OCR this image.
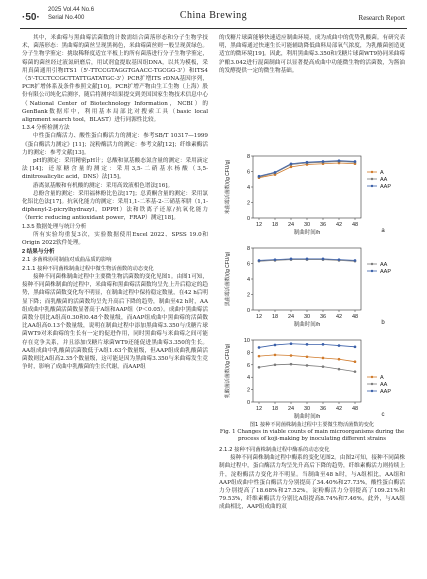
·50·
2025 Vol.44 No.6
Serial No.400	China Brewing	Research Report

其中，米曲霉与黑曲霉活菌数的计数需结合菌落形态和分子生物学技术，菌落形态：黑曲霉的菌丝呈现黑褐色，米曲霉菌丝则一般呈现黄绿色。分子生物学鉴定：挑取稀释度适宜平板上的所有菌落进行分子生物学鉴定，霉菌的菌丝经过液氮研磨后，用试剂盒提取基因组DNA，以其为模板，采用真菌通用引物ITS1（5'-TTCCGTAGGTGAACC-TGCGG-3'）和ITS4（5'-TCCTCCGCTTATTGATATGC-3'）PCR扩增ITS rDNA基因序列，PCR扩增体系及条件参照文献[10]。PCR扩增产物由生工生物（上海）股份有限公司纯化后测序，随后将测序结果提交到美国国家生物技术信息中心（National Center of Biotechnology Information，NCBI）的GenBank数据库中，利用基本局部比对搜索工具（basic local alignment search tool，BLAST）进行同源性比较。

1.3.4 分析检测方法

中性蛋白酶活力、酸性蛋白酶活力的测定：参考SB/T 10317—1999《蛋白酶活力测定》[11]；淀粉酶活力的测定：参考文献[12]；纤维素酶活力的测定：参考文献[13]。

pH的测定：采用精密pH计；总酸和氨基酸态氮含量的测定：采用滴定法[14]；还原糖含量的测定：采用3,5-二硝基水杨酸（3,5-dinitrosalicylic acid，DNS）法[15]。

游离氨基酸和有机酸的测定：采用高效液相色谱法[16]。

总酚含量的测定：采用福林酚比色法[17]；总黄酮含量的测定：采用氯化铝比色法[17]。抗氧化能力的测定：采用1,1-二苯基-2-三硝基苯肼（1,1-diphenyl-2-picrylhydrazyl，DPPH）法和铁离子还原/抗氧化能力（ferric reducing antioxidant power，FRAP）测定[18]。

1.3.5 数据处理与统计分析

所有实验均重复3次，实验数据使用Excel 2022、SPSS 19.0和Origin 2022软件处理。

2 结果与分析

2.1 多菌株协同制曲对成曲品质的影响

2.1.1 接种不同菌株制曲过程中微生物活菌数的动态变化

接种不同菌株制曲过程中主要微生物活菌数的变化见图1。由图1可知，接种不同菌株制曲的过程中，米曲霉和黑曲霉活菌数均呈先上升后稳定的趋势，黑曲霉活菌数变化均不明显，在制曲过程中保持稳定数量，在42 h后明显下降；而乳酸菌的活菌数均呈先升高后下降的趋势，制曲至42 h时，AA组成曲中乳酸菌活菌数显著高于A组和AAP组（P＜0.05）。成曲中黑曲霉活菌数分别比A组高0.30和0.48个数量级，而AAP组成曲中黑曲霉的活菌数比AA组高0.13个数量级，说明在制曲过程中添加黑曲霉3.350与戊糖片球菌WT9对米曲霉的生长有一定的促进作用，同时黑曲霉与米曲霉之间可能存在竞争关系，并且添加戊糖片球菌WT9还能促进黑曲霉3.350的生长。AA组成曲中乳酸菌活菌数低于A组1.63个数量级，但AAP组成曲乳酸菌活菌数则比A组高2.35个数量级，这可能是因为黑曲霉3.350与米曲霉发生竞争时，影响了成曲中乳酸菌的生长代谢，而AAP组

的戊糖片球菌能够快速适应制曲环境，成为成曲中的优势乳酸菌。有研究表明，黑曲霉通过快速生长可能辅助降低曲料局部氧气浓度，为乳酸菌创造更适宜的微环境[19]。因此，利用黑曲霉3.350和戊糖片球菌WT9协同米曲霉沪酿3.042进行混菌制曲可以显著提高成曲中功能微生物的活菌数，为酱油的发酵提供一定的微生物基础。

0
2
4
6
8
12 18 24 30 36 42 48
制曲时间/h
米曲霉活菌数/(lg CFU/g)
a
A
AA
AAP
0
2
4
6
8
12 18 24 30 36 42 48
制曲时间/h
黑曲霉活菌数/(lg CFU/g)
b
AA
AAP
0
2
4
6
8
10
12 18 24 30 36 42 48
制曲时间/h
乳酸菌活菌数/(lg CFU/g)
c
A
AA
AAP
图1 接种不同菌株制曲过程中主要微生物活菌数的变化
Fig. 1 Changes in viable counts of main microorganisms during the process of koji-making by inoculating different strains

2.1.2 接种不同菌株制曲过程中酶系的动态变化

接种不同菌株制曲过程中酶系的变化见图2。由图2可知，接种不同菌株制曲过程中，蛋白酶活力均呈先升高后下降的趋势，纤维素酶活力则持续上升，淀粉酶活力变化并不明显。当制曲至48 h时，与A组相比，AA组和AAP组成曲中性蛋白酶活力分别提高了34.40%和27.73%，酸性蛋白酶活力分别提高了18.68%和27.52%，淀粉酶活力分别提高了109.21%和79.53%，纤维素酶活力分别比A组提高8.74%和7.46%。此外，与AA组成曲相比，AAP组成曲的双
